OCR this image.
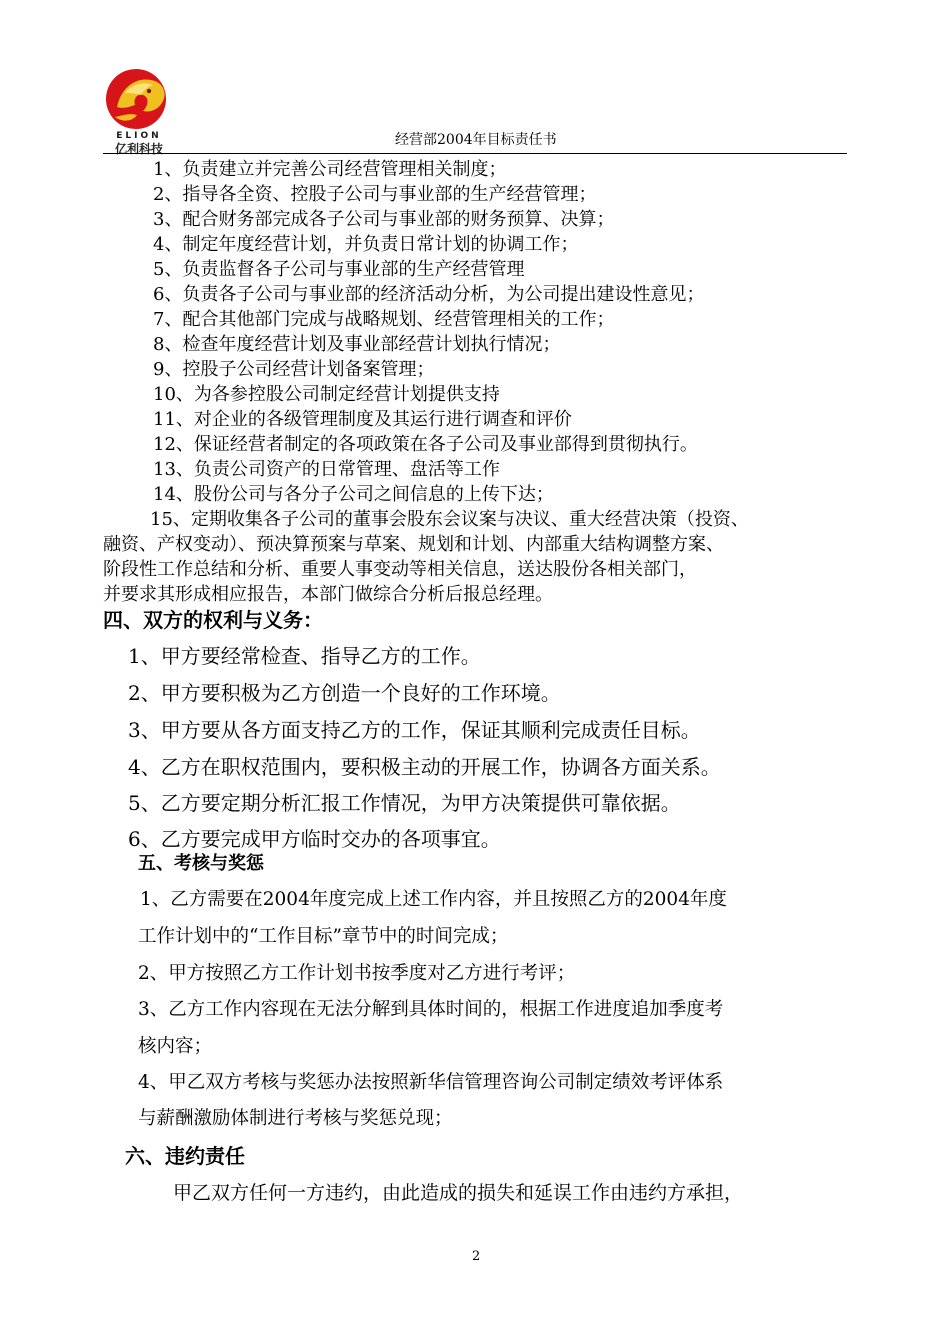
ELION
亿利科技
经营部2004年目标责任书

1、负责建立并完善公司经营管理相关制度；

2、指导各全资、控股子公司与事业部的生产经营管理；

3、配合财务部完成各子公司与事业部的财务预算、决算；

4、制定年度经营计划，并负责日常计划的协调工作；

5、负责监督各子公司与事业部的生产经营管理

6、负责各子公司与事业部的经济活动分析，为公司提出建设性意见；

7、配合其他部门完成与战略规划、经营管理相关的工作；

8、检查年度经营计划及事业部经营计划执行情况；

9、控股子公司经营计划备案管理；

10、为各参控股公司制定经营计划提供支持

11、对企业的各级管理制度及其运行进行调查和评价

12、保证经营者制定的各项政策在各子公司及事业部得到贯彻执行。

13、负责公司资产的日常管理、盘活等工作

14、股份公司与各分子公司之间信息的上传下达；

15、定期收集各子公司的董事会股东会议案与决议、重大经营决策（投资、

融资、产权变动）、预决算预案与草案、规划和计划、内部重大结构调整方案、

阶段性工作总结和分析、重要人事变动等相关信息，送达股份各相关部门，

并要求其形成相应报告，本部门做综合分析后报总经理。

四、双方的权利与义务：

1、甲方要经常检查、指导乙方的工作。

2、甲方要积极为乙方创造一个良好的工作环境。

3、甲方要从各方面支持乙方的工作，保证其顺利完成责任目标。

4、乙方在职权范围内，要积极主动的开展工作，协调各方面关系。

5、乙方要定期分析汇报工作情况，为甲方决策提供可靠依据。

6、乙方要完成甲方临时交办的各项事宜。

五、考核与奖惩

1、乙方需要在2004年度完成上述工作内容，并且按照乙方的2004年度

工作计划中的“工作目标”章节中的时间完成；

2、甲方按照乙方工作计划书按季度对乙方进行考评；

3、乙方工作内容现在无法分解到具体时间的，根据工作进度追加季度考

核内容；

4、甲乙双方考核与奖惩办法按照新华信管理咨询公司制定绩效考评体系

与薪酬激励体制进行考核与奖惩兑现；

六、违约责任

甲乙双方任何一方违约，由此造成的损失和延误工作由违约方承担，

2
